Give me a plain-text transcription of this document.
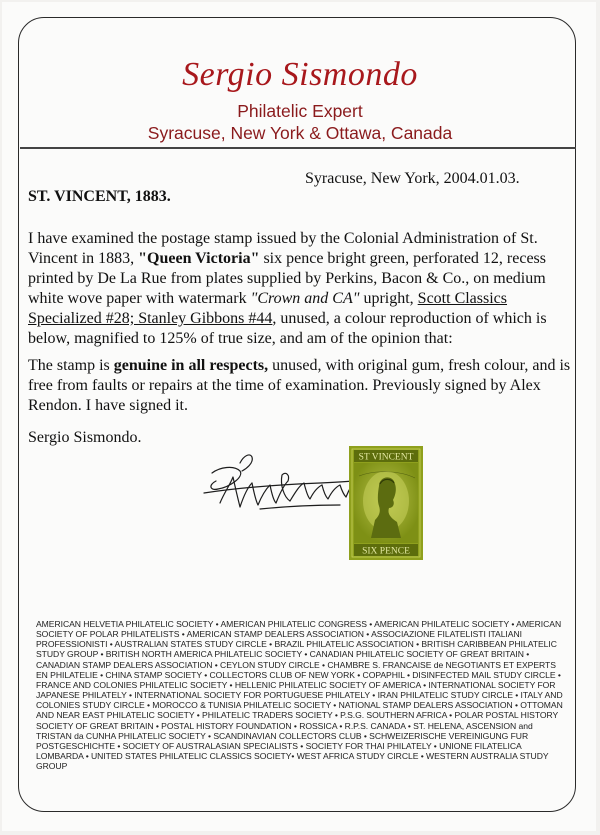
Sergio Sismondo
Philatelic Expert
Syracuse, New York & Ottawa, Canada
Syracuse, New York, 2004.01.03.
ST. VINCENT, 1883.

I have examined the postage stamp issued by the Colonial Administration of St. Vincent in 1883, "Queen Victoria" six pence bright green, perforated 12, recess printed by De La Rue from plates supplied by Perkins, Bacon & Co., on medium white wove paper with watermark "Crown and CA" upright, Scott Classics Specialized #28; Stanley Gibbons #44, unused, a colour reproduction of which is below, magnified to 125% of true size, and am of the opinion that:

The stamp is genuine in all respects, unused, with original gum, fresh colour, and is free from faults or repairs at the time of examination. Previously signed by Alex Rendon. I have signed it.

Sergio Sismondo.
ST VINCENT
SIX PENCE
AMERICAN HELVETIA PHILATELIC SOCIETY • AMERICAN PHILATELIC CONGRESS • AMERICAN PHILATELIC SOCIETY • AMERICAN SOCIETY OF POLAR PHILATELISTS • AMERICAN STAMP DEALERS ASSOCIATION • ASSOCIAZIONE FILATELISTI ITALIANI PROFESSIONISTI • AUSTRALIAN STATES STUDY CIRCLE • BRAZIL PHILATELIC ASSOCIATION • BRITISH CARIBBEAN PHILATELIC STUDY GROUP • BRITISH NORTH AMERICA PHILATELIC SOCIETY • CANADIAN PHILATELIC SOCIETY OF GREAT BRITAIN • CANADIAN STAMP DEALERS ASSOCIATION • CEYLON STUDY CIRCLE • CHAMBRE S. FRANCAISE de NEGOTIANTS ET EXPERTS EN PHILATELIE • CHINA STAMP SOCIETY • COLLECTORS CLUB OF NEW YORK • COPAPHIL • DISINFECTED MAIL STUDY CIRCLE • FRANCE AND COLONIES PHILATELIC SOCIETY • HELLENIC PHILATELIC SOCIETY OF AMERICA • INTERNATIONAL SOCIETY FOR JAPANESE PHILATELY • INTERNATIONAL SOCIETY FOR PORTUGUESE PHILATELY • IRAN PHILATELIC STUDY CIRCLE • ITALY AND COLONIES STUDY CIRCLE • MOROCCO & TUNISIA PHILATELIC SOCIETY • NATIONAL STAMP DEALERS ASSOCIATION • OTTOMAN AND NEAR EAST PHILATELIC SOCIETY • PHILATELIC TRADERS SOCIETY • P.S.G. SOUTHERN AFRICA • POLAR POSTAL HISTORY SOCIETY OF GREAT BRITAIN • POSTAL HISTORY FOUNDATION • ROSSICA • R.P.S. CANADA • ST. HELENA, ASCENSION and TRISTAN da CUNHA PHILATELIC SOCIETY • SCANDINAVIAN COLLECTORS CLUB • SCHWEIZERISCHE VEREINIGUNG FUR POSTGESCHICHTE • SOCIETY OF AUSTRALASIAN SPECIALISTS • SOCIETY FOR THAI PHILATELY • UNIONE FILATELICA LOMBARDA • UNITED STATES PHILATELIC CLASSICS SOCIETY• WEST AFRICA STUDY CIRCLE • WESTERN AUSTRALIA STUDY GROUP
